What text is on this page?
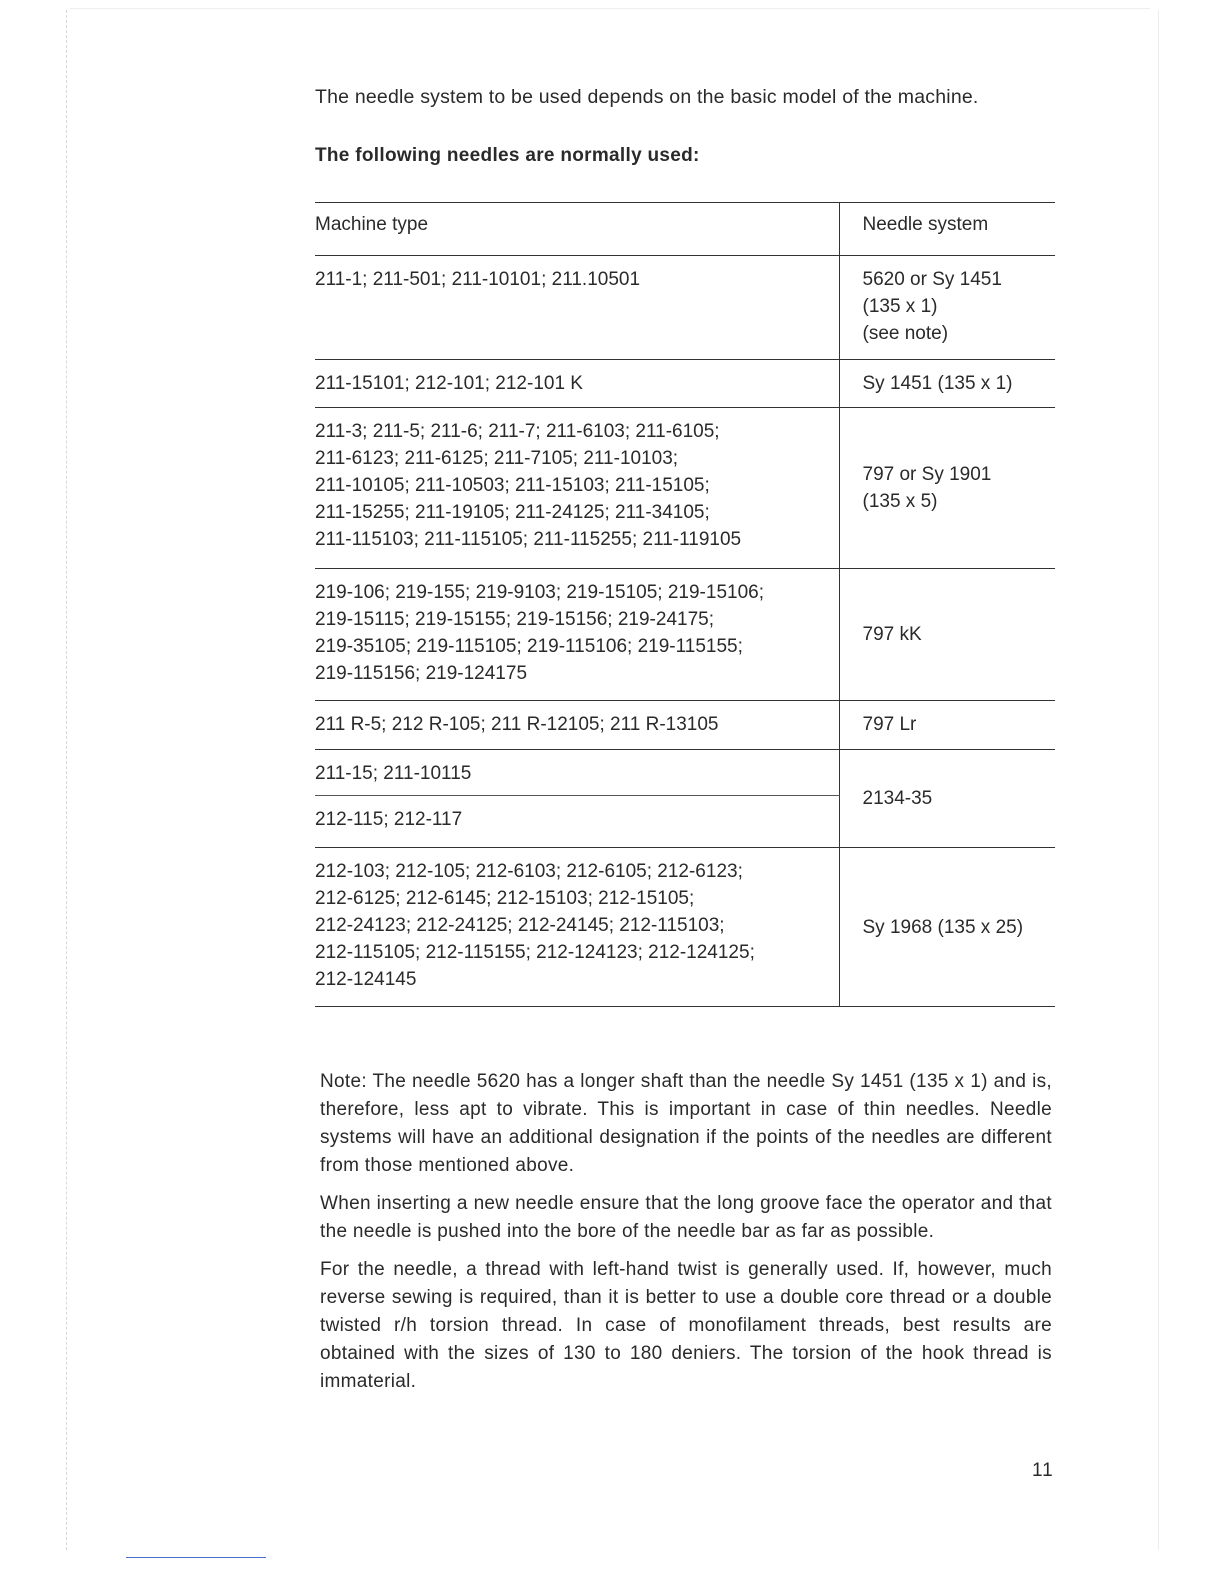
The needle system to be used depends on the basic model of the machine.

The following needles are normally used:

Machine type	Needle system

211-1; 211-501; 211-10101; 211.10501	5620 or Sy 1451
(135 x 1)
(see note)

211-15101; 212-101; 212-101 K	Sy 1451 (135 x 1)

211-3; 211-5; 211-6; 211-7; 211-6103; 211-6105;
211-6123; 211-6125; 211-7105; 211-10103;
211-10105; 211-10503; 211-15103; 211-15105;
211-15255; 211-19105; 211-24125; 211-34105;
211-115103; 211-115105; 211-115255; 211-119105	797 or Sy 1901
(135 x 5)

219-106; 219-155; 219-9103; 219-15105; 219-15106;
219-15115; 219-15155; 219-15156; 219-24175;
219-35105; 219-115105; 219-115106; 219-115155;
219-115156; 219-124175	797 kK

211 R-5; 212 R-105; 211 R-12105; 211 R-13105	797 Lr

211-15; 211-10115	2134-35

212-115; 212-117	

212-103; 212-105; 212-6103; 212-6105; 212-6123;
212-6125; 212-6145; 212-15103; 212-15105;
212-24123; 212-24125; 212-24145; 212-115103;
212-115105; 212-115155; 212-124123; 212-124125;
212-124145	Sy 1968 (135 x 25)

Note: The needle 5620 has a longer shaft than the needle Sy 1451 (135 x 1) and is, therefore, less apt to vibrate. This is important in case of thin needles. Needle systems will have an additional designation if the points of the needles are different from those mentioned above.

When inserting a new needle ensure that the long groove face the operator and that the needle is pushed into the bore of the needle bar as far as possible.

For the needle, a thread with left-hand twist is generally used. If, however, much reverse sewing is required, than it is better to use a double core thread or a double twisted r/h torsion thread. In case of monofilament threads, best results are obtained with the sizes of 130 to 180 deniers. The torsion of the hook thread is immaterial.

11
